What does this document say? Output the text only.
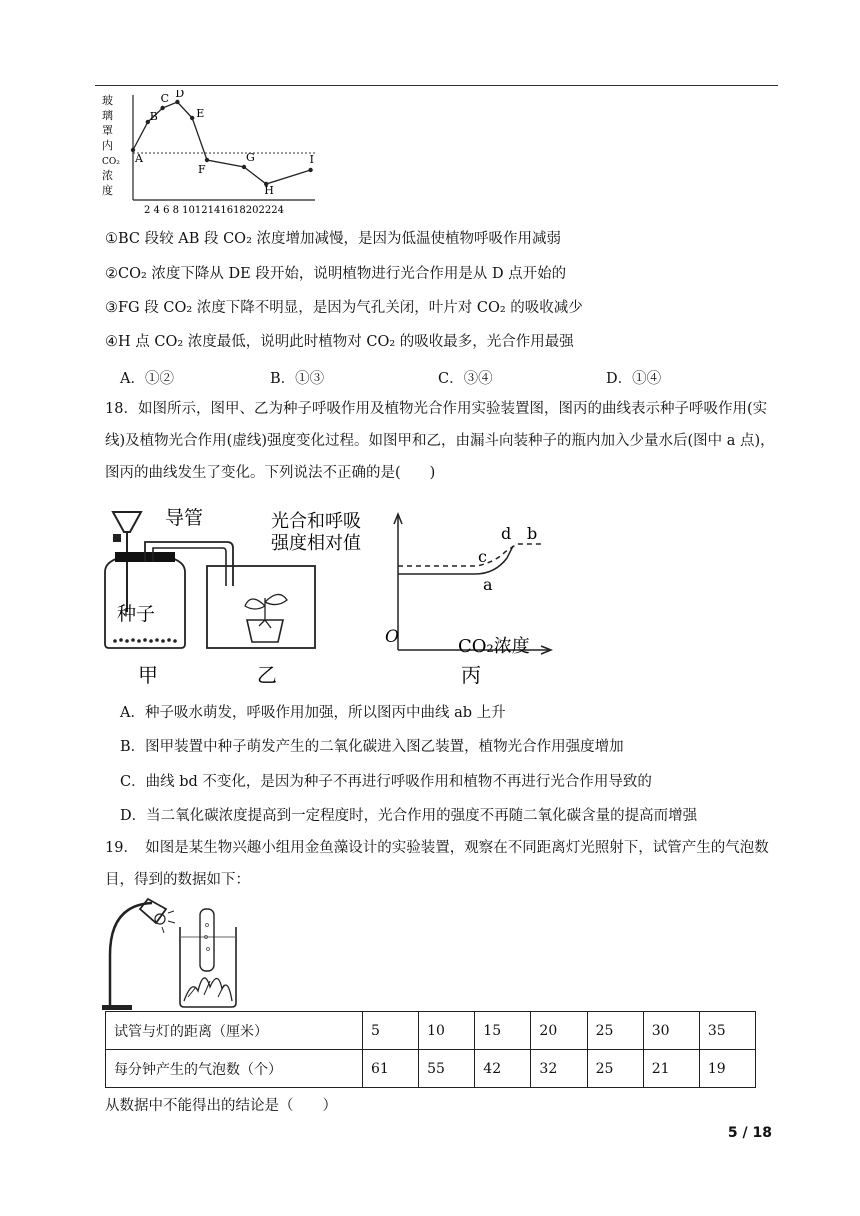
玻
璃
罩
内
CO₂
浓
度
A
B
C D
E
F
G
H
I
2 4 6 8 1012141618202224
①BC 段较 AB 段 CO₂ 浓度增加减慢，是因为低温使植物呼吸作用减弱
②CO₂ 浓度下降从 DE 段开始，说明植物进行光合作用是从 D 点开始的
③FG 段 CO₂ 浓度下降不明显，是因为气孔关闭，叶片对 CO₂ 的吸收减少
④H 点 CO₂ 浓度最低，说明此时植物对 CO₂ 的吸收最多，光合作用最强
A．①②	B．①③	C．③④	D．①④
18．如图所示，图甲、乙为种子呼吸作用及植物光合作用实验装置图，图丙的曲线表示种子呼吸作用(实线)及植物光合作用(虚线)强度变化过程。如图甲和乙，由漏斗向装种子的瓶内加入少量水后(图中 a 点)，图丙的曲线发生了变化。下列说法不正确的是(　　)
种子
导管
甲	乙
光合和呼吸
强度相对值
O	CO₂浓度
a
c
d b
丙
A．种子吸水萌发，呼吸作用加强，所以图丙中曲线 ab 上升
B．图甲装置中种子萌发产生的二氧化碳进入图乙装置，植物光合作用强度增加
C．曲线 bd 不变化，是因为种子不再进行呼吸作用和植物不再进行光合作用导致的
D．当二氧化碳浓度提高到一定程度时，光合作用的强度不再随二氧化碳含量的提高而增强
19．　如图是某生物兴趣小组用金鱼藻设计的实验装置，观察在不同距离灯光照射下，试管产生的气泡数目，得到的数据如下：
试管与灯的距离（厘米）	5	10	15	20	25	30	35
每分钟产生的气泡数（个）	61	55	42	32	25	21	19
从数据中不能得出的结论是（　　）
5 / 18
